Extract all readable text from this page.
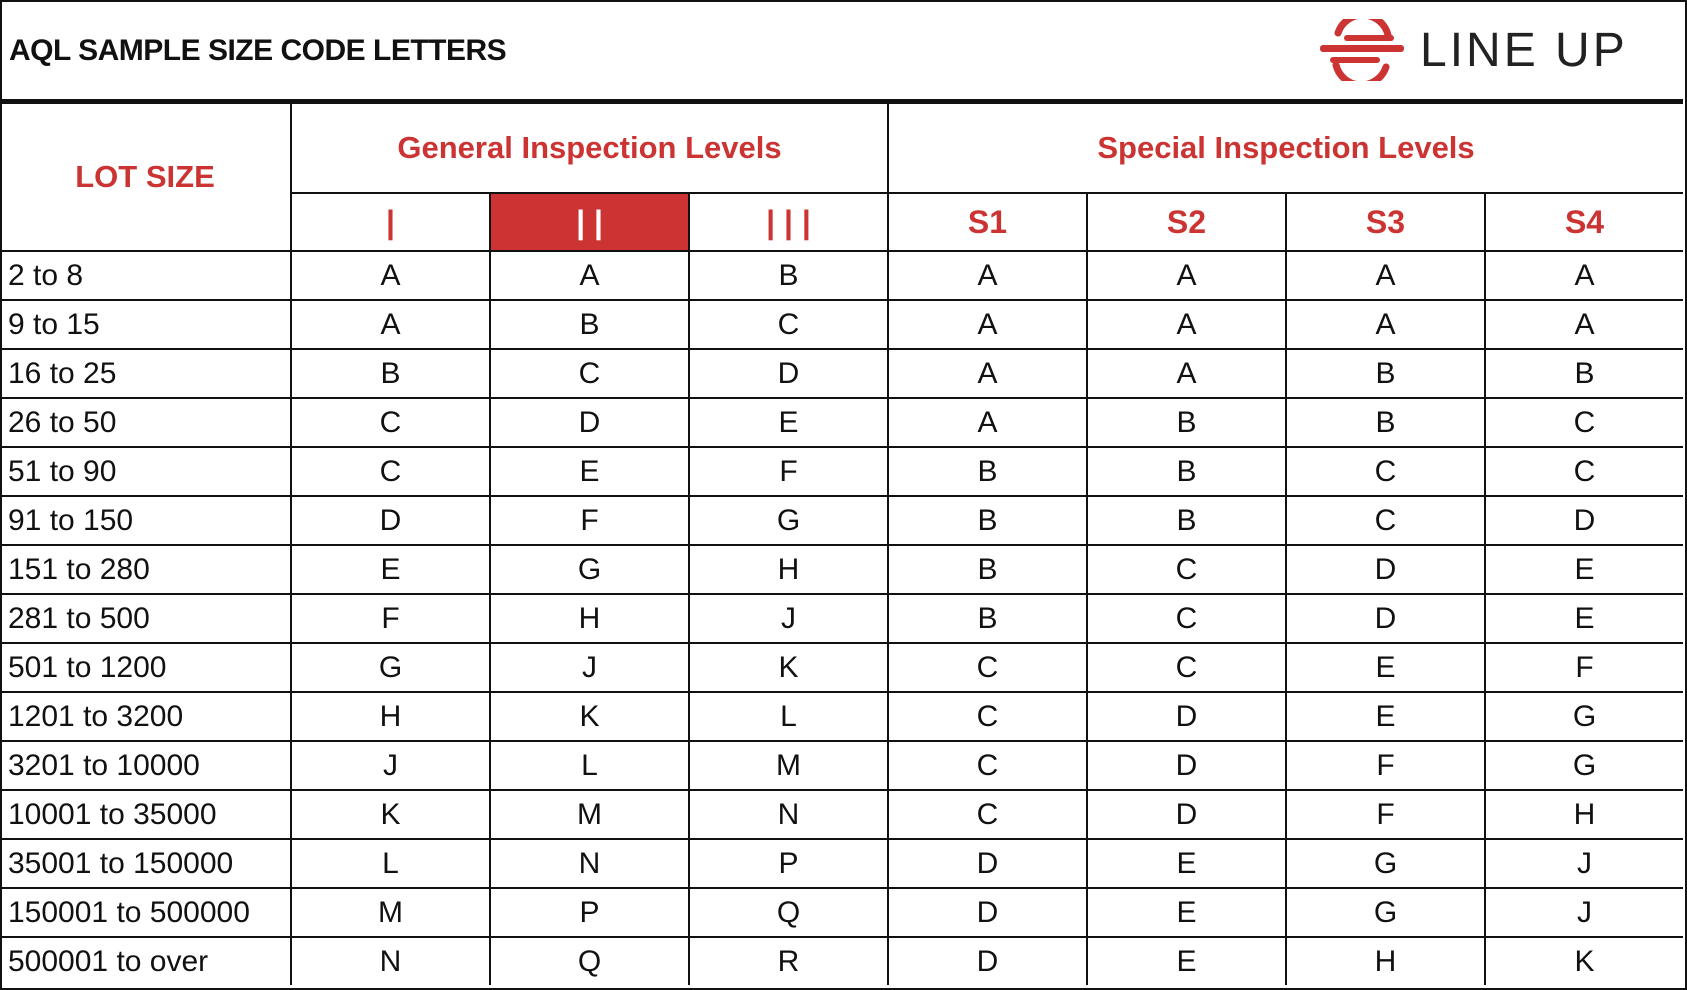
AQL SAMPLE SIZE CODE LETTERS	LINE UP
LOT SIZE	General Inspection Levels			Special Inspection Levels			
	|	| |	| | |	S1	S2	S3	S4
2 to 8	A	A	B	A	A	A	A
9 to 15	A	B	C	A	A	A	A
16 to 25	B	C	D	A	A	B	B
26 to 50	C	D	E	A	B	B	C
51 to 90	C	E	F	B	B	C	C
91 to 150	D	F	G	B	B	C	D
151 to 280	E	G	H	B	C	D	E
281 to 500	F	H	J	B	C	D	E
501 to 1200	G	J	K	C	C	E	F
1201 to 3200	H	K	L	C	D	E	G
3201 to 10000	J	L	M	C	D	F	G
10001 to 35000	K	M	N	C	D	F	H
35001 to 150000	L	N	P	D	E	G	J
150001 to 500000	M	P	Q	D	E	G	J
500001 to over	N	Q	R	D	E	H	K
